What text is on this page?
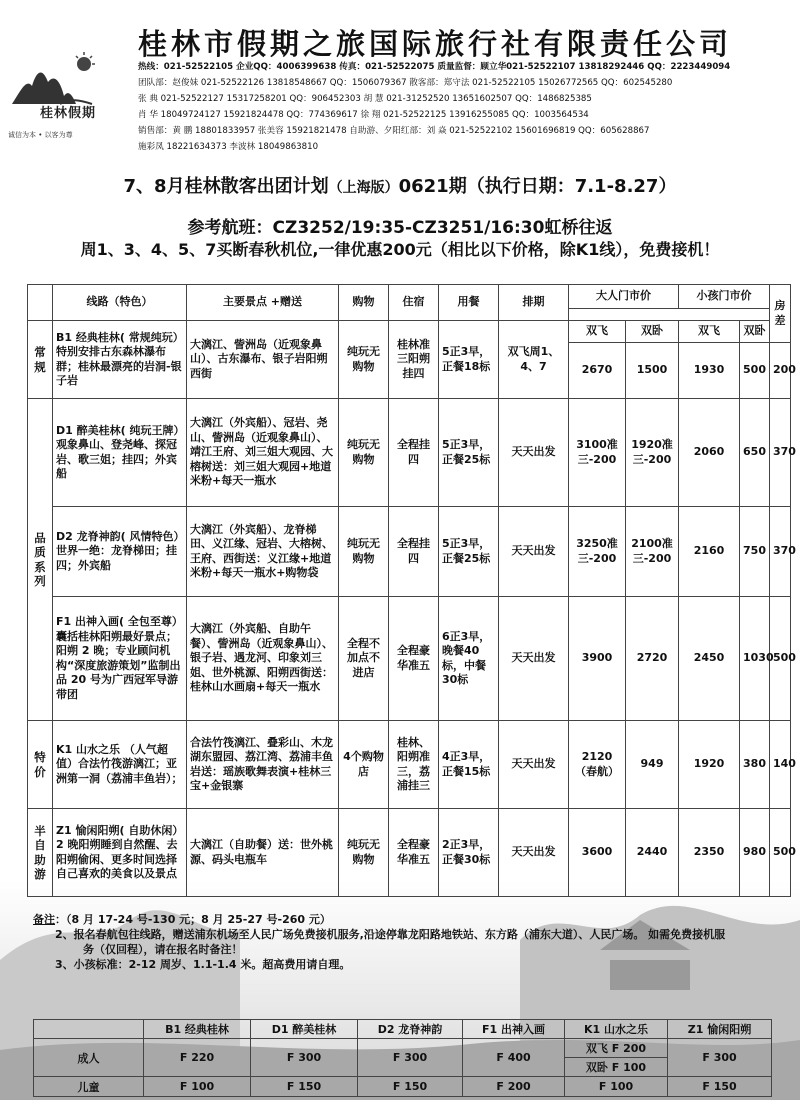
桂林假期
诚信为本 • 以客为尊
桂林市假期之旅国际旅行社有限责任公司
热线：021-52522105 企业QQ：4006399638 传真：021-52522075 质量监督：顾立华021-52522107 13818292446 QQ：2223449094
团队部：赵俊妹 021-52522126 13818548667 QQ：1506079367 散客部：郑守法 021-52522105 15026772565 QQ：602545280
张 典 021-52522127 15317258201 QQ：906452303 胡 慧 021-31252520 13651602507 QQ：1486825385
肖 华 18049724127 15921824478 QQ：774369617 徐 翔 021-52522125 13916255085 QQ：1003564534
销售部：黄 鹏 18801833957 张美容 15921821478 自助游、夕阳红部：刘 焱 021-52522102 15601696819 QQ：605628867
施彩凤 18221634373 李波林 18049863810
7、8月桂林散客出团计划（上海版）0621期（执行日期：7.1-8.27）
参考航班：CZ3252/19:35-CZ3251/16:30虹桥往返
周1、3、4、5、7买断春秋机位,一律优惠200元（相比以下价格，除K1线），免费接机！
	线路（特色）	主要景点 +赠送	购物	住宿	用餐	排期	大人门市价		小孩门市价		房差

常规	B1 经典桂林( 常规纯玩）特别安排古东森林瀑布群；桂林最漂亮的岩洞-银子岩	大漓江、訾洲岛（近观象鼻山）、古东瀑布、银子岩阳朔西街	纯玩无购物	桂林准三阳朔挂四	5正3早，正餐18标	双飞周1、4、7	双飞	双卧	双飞	双卧	
							2670	1500	1930	500	200
品质系列	D1 醉美桂林( 纯玩王牌）观象鼻山、登尧峰、探冠岩、歌三姐；挂四；外宾船	大漓江（外宾船）、冠岩、尧山、訾洲岛（近观象鼻山）、靖江王府、刘三姐大观园、大榕树送：刘三姐大观园+地道米粉+每天一瓶水	纯玩无购物	全程挂四	5正3早，正餐25标	天天出发	3100准三-200	1920准三-200	2060	650	370
	D2 龙脊神韵( 风情特色）世界一绝：龙脊梯田；挂四；外宾船	大漓江（外宾船）、龙脊梯田、义江缘、冠岩、大榕树、王府、西街送：义江缘+地道米粉+每天一瓶水+购物袋	纯玩无购物	全程挂四	5正3早，正餐25标	天天出发	3250准三-200	2100准三-200	2160	750	370
	F1 出神入画( 全包至尊）囊括桂林阳朔最好景点；阳朔 2 晚；专业顾问机构“深度旅游策划”监制出品 20 号为广西冠军导游带团	大漓江（外宾船、自助午餐）、訾洲岛（近观象鼻山）、银子岩、遇龙河、印象刘三姐、世外桃源、阳朔西街送：桂林山水画扇+每天一瓶水	全程不加点不进店	全程豪华准五	6正3早，晚餐40标，中餐30标	天天出发	3900	2720	2450	1030	500
特价	K1 山水之乐 （人气超值）合法竹筏游漓江；亚洲第一洞（荔浦丰鱼岩）；	合法竹筏漓江、叠彩山、木龙湖东盟园、荔江湾、荔浦丰鱼岩送：瑶族歌舞表演+桂林三宝+金银寨	4个购物店	桂林、阳朔准三，荔浦挂三	4正3早，正餐15标	天天出发	2120（春航）	949	1920	380	140
半自助游	Z1 愉闲阳朔( 自助休闲）2 晚阳朔睡到自然醒、去阳朔偷闲、更多时间选择自己喜欢的美食以及景点	大漓江（自助餐）送：世外桃源、码头电瓶车	纯玩无购物	全程豪华准五	2正3早，正餐30标	天天出发	3600	2440	2350	980	500
备注：（8 月 17-24 号-130 元；8 月 25-27 号-260 元）
2、报名春航包往线路，赠送浦东机场至人民广场免费接机服务,沿途停靠龙阳路地铁站、东方路（浦东大道）、人民广场。 如需免费接机服
务（仅回程），请在报名时备注！
3、小孩标准：2-12 周岁、1.1-1.4 米。超高费用请自理。
	B1 经典桂林	D1 醉美桂林	D2 龙脊神韵	F1 出神入画	K1 山水之乐	Z1 愉闲阳朔
成人	F 220	F 300	F 300	F 400	双飞 F 200	F 300
					双卧 F 100	
儿童	F 100	F 150	F 150	F 200	F 100	F 150
